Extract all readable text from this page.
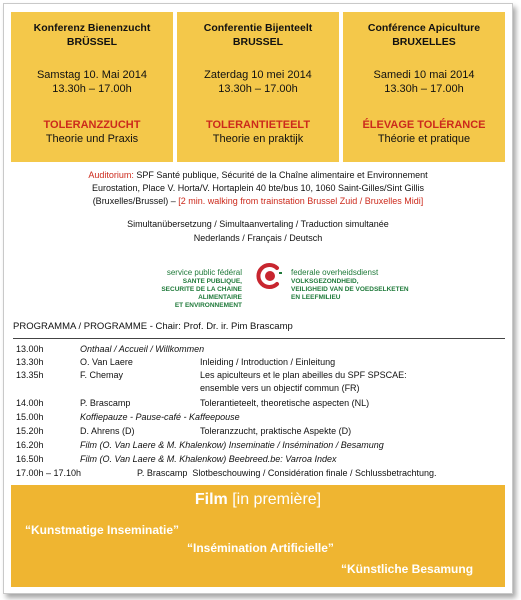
Konferenz Bienenzucht
BRÜSSEL
Samstag 10. Mai 2014
13.30h – 17.00h
TOLERANZZUCHT
Theorie und Praxis
Conferentie Bijenteelt
BRUSSEL
Zaterdag 10 mei 2014
13.30h – 17.00h
TOLERANTIETEELT
Theorie en praktijk
Conférence Apiculture
BRUXELLES
Samedi 10 mai 2014
13.30h – 17.00h
ÉLEVAGE TOLÉRANCE
Théorie et pratique
Auditorium: SPF Santé publique, Sécurité de la Chaîne alimentaire et Environnement
Eurostation, Place V. Horta/V. Hortaplein 40 bte/bus 10, 1060 Saint-Gilles/Sint Gillis
(Bruxelles/Brussel) – [2 min. walking from trainstation Brussel Zuid / Bruxelles Midi]
Simultanübersetzung / Simultaanvertaling / Traduction simultanée
Nederlands / Français / Deutsch
service public fédéral
SANTE PUBLIQUE,
SECURITE DE LA CHAINE ALIMENTAIRE
ET ENVIRONNEMENT
federale overheidsdienst
VOLKSGEZONDHEID,
VEILIGHEID VAN DE VOEDSELKETEN
EN LEEFMILIEU
PROGRAMMA / PROGRAMME - Chair: Prof. Dr. ir. Pim Brascamp
13.00h	Onthaal / Accueil / Willkommen
13.30h	O. Van Laere	Inleiding / Introduction / Einleitung
13.35h	F. Chemay	Les apiculteurs et le plan abeilles du SPF SPSCAE:
ensemble vers un objectif commun (FR)
14.00h	P. Brascamp	Tolerantieteelt, theoretische aspecten (NL)
15.00h	Koffiepauze - Pause-café - Kaffeepouse
15.20h	D. Ahrens (D)	Toleranzzucht, praktische Aspekte (D)
16.20h	Film (O. Van Laere & M. Khalenkow) Inseminatie / Insémination / Besamung
16.50h	Film (O. Van Laere & M. Khalenkow) Beebreed.be: Varroa Index
17.00h – 17.10h	P. Brascamp Slotbeschouwing / Considération finale / Schlussbetrachtung.
Film [in première]
“Kunstmatige Inseminatie”
“Insémination Artificielle”
“Künstliche Besamung
